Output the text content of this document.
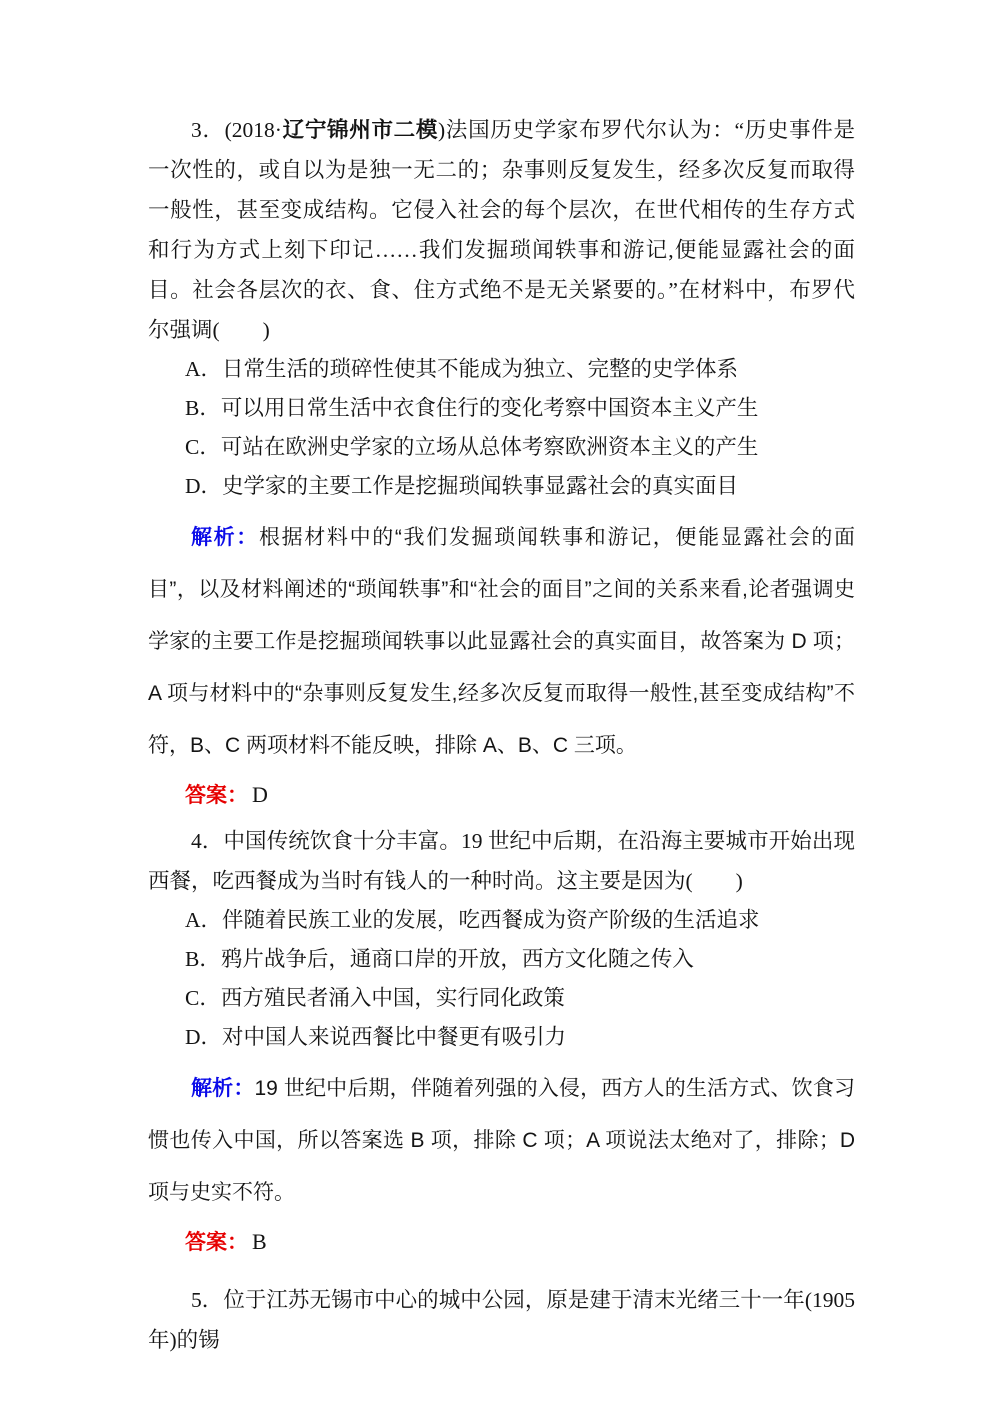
3．(2018·辽宁锦州市二模)法国历史学家布罗代尔认为：“历史事件是一次性的，或自以为是独一无二的；杂事则反复发生，经多次反复而取得一般性，甚至变成结构。它侵入社会的每个层次，在世代相传的生存方式和行为方式上刻下印记……我们发掘琐闻轶事和游记,便能显露社会的面目。社会各层次的衣、食、住方式绝不是无关紧要的。”在材料中，布罗代尔强调(　　)

A．日常生活的琐碎性使其不能成为独立、完整的史学体系

B．可以用日常生活中衣食住行的变化考察中国资本主义产生

C．可站在欧洲史学家的立场从总体考察欧洲资本主义的产生

D．史学家的主要工作是挖掘琐闻轶事显露社会的真实面目

解析：根据材料中的“我们发掘琐闻轶事和游记，便能显露社会的面目”，以及材料阐述的“琐闻轶事”和“社会的面目”之间的关系来看,论者强调史学家的主要工作是挖掘琐闻轶事以此显露社会的真实面目，故答案为 D 项；A 项与材料中的“杂事则反复发生,经多次反复而取得一般性,甚至变成结构”不符，B、C 两项材料不能反映，排除 A、B、C 三项。

答案： D

4．中国传统饮食十分丰富。19 世纪中后期，在沿海主要城市开始出现西餐，吃西餐成为当时有钱人的一种时尚。这主要是因为(　　)

A．伴随着民族工业的发展，吃西餐成为资产阶级的生活追求

B．鸦片战争后，通商口岸的开放，西方文化随之传入

C．西方殖民者涌入中国，实行同化政策

D．对中国人来说西餐比中餐更有吸引力

解析：19 世纪中后期，伴随着列强的入侵，西方人的生活方式、饮食习惯也传入中国，所以答案选 B 项，排除 C 项；A 项说法太绝对了，排除；D 项与史实不符。

答案： B

5．位于江苏无锡市中心的城中公园，原是建于清末光绪三十一年(1905 年)的锡
